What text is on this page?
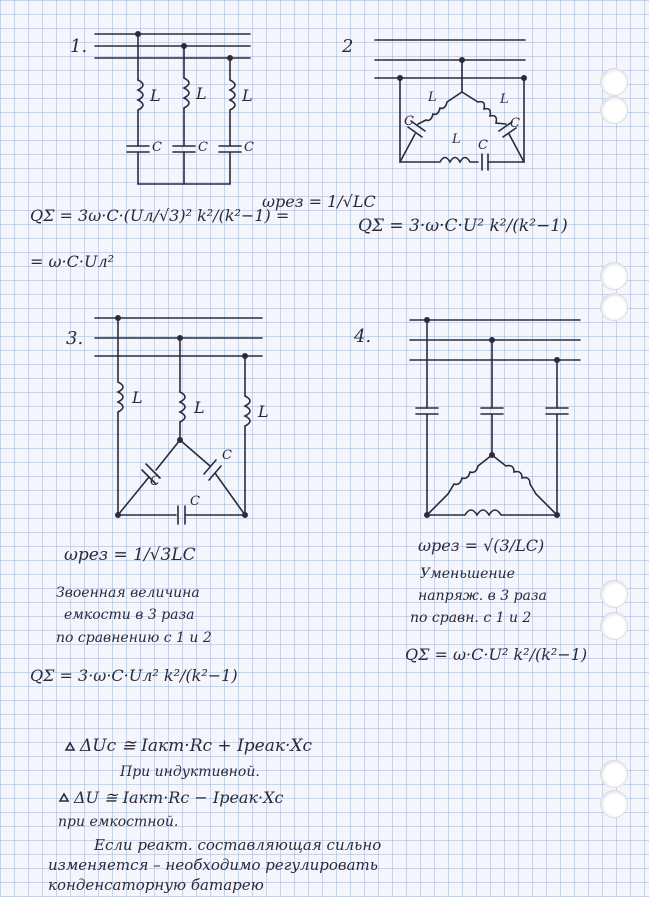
1.
L L L
C	C	C
2
L	L
L
C	C
C
3.
L
L	L
C
C
C
4.
QΣ = 3ω·C·(Uл/√3)² k²/(k²−1) =
= ω·C·Uл²
ωрез = 1/√LC
QΣ = 3·ω·C·U² k²/(k²−1)
ωрез = 1/√3LC
QΣ = 3·ω·C·Uл² k²/(k²−1)
ωрез = √(3/LC)
QΣ = ω·C·U² k²/(k²−1)
ΔUс ≅ Iакт·Rс + Iреак·Xс
ΔU ≅ Iакт·Rс − Iреак·Xс
Звоенная величина
емкости в 3 раза
по сравнению с 1 и 2
Уменьшение
напряж. в 3 раза
по сравн. с 1 и 2
При индуктивной.
при емкостной.
Если реакт. составляющая сильно
изменяется – необходимо регулировать
конденсаторную батарею
